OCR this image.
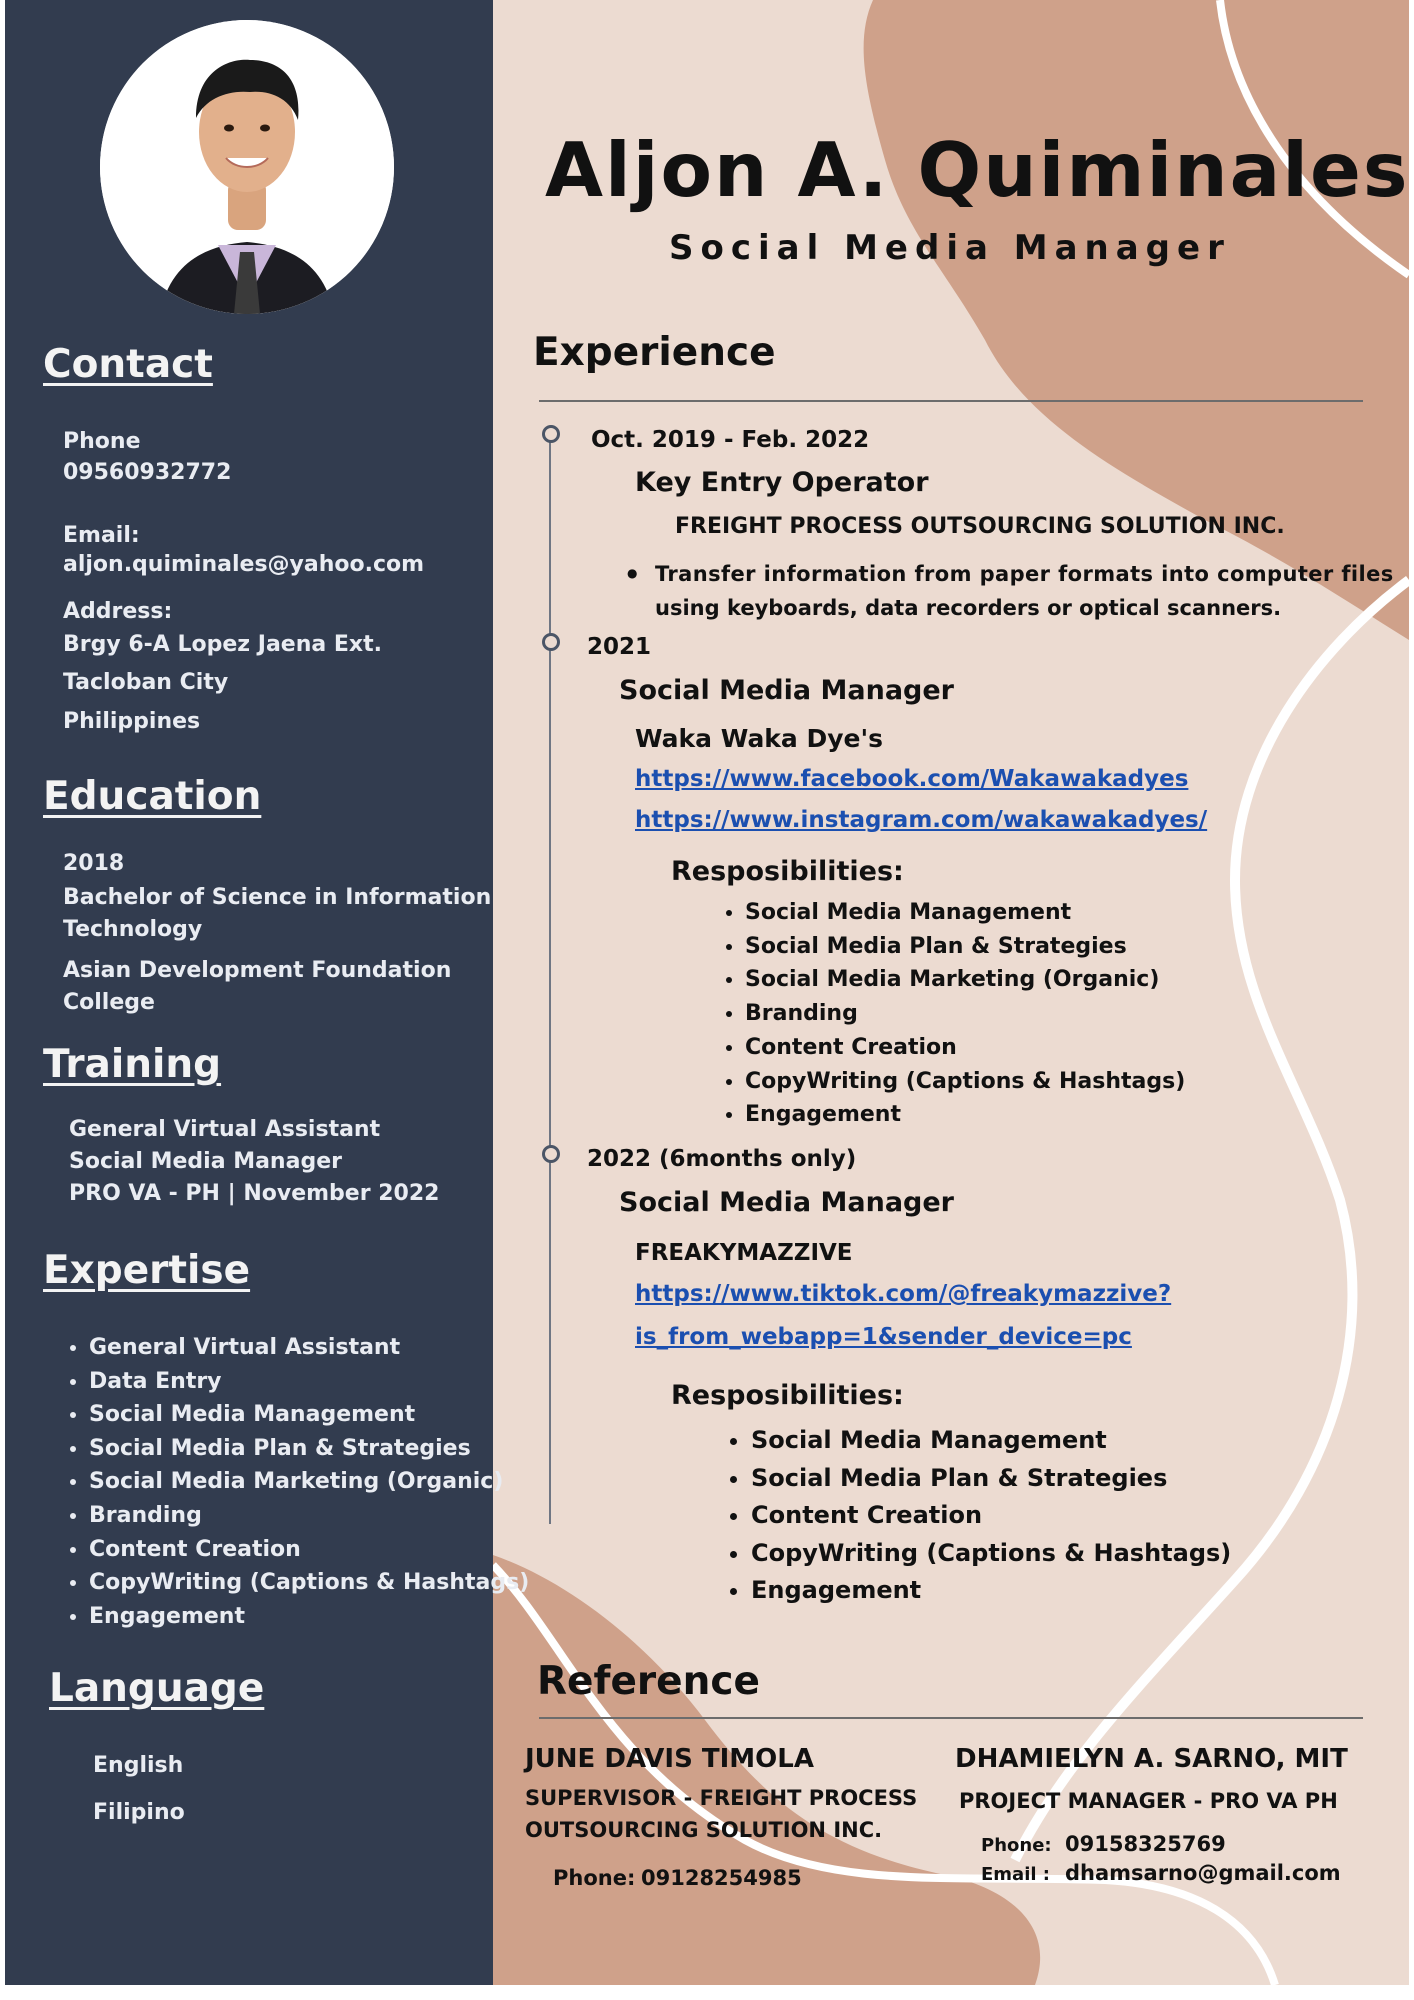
Contact
Phone
09560932772
Email:
aljon.quiminales@yahoo.com
Address:
Brgy 6-A Lopez Jaena Ext.
Tacloban City
Philippines
Education
2018
Bachelor of Science in Information
Technology
Asian Development Foundation
College
Training
General Virtual Assistant
Social Media Manager
PRO VA - PH | November 2022
Expertise
• General Virtual Assistant
• Data Entry
• Social Media Management
• Social Media Plan & Strategies
• Social Media Marketing (Organic)
• Branding
• Content Creation
• CopyWriting (Captions & Hashtags)
• Engagement
Language
English
Filipino
Aljon A. Quiminales
Social Media Manager
Experience
Oct. 2019 - Feb. 2022
Key Entry Operator
FREIGHT PROCESS OUTSOURCING SOLUTION INC.
● Transfer information from paper formats into computer files
using keyboards, data recorders or optical scanners.
2021
Social Media Manager
Waka Waka Dye's
https://www.facebook.com/Wakawakadyes
https://www.instagram.com/wakawakadyes/
Resposibilities:
• Social Media Management
• Social Media Plan & Strategies
• Social Media Marketing (Organic)
• Branding
• Content Creation
• CopyWriting (Captions & Hashtags)
• Engagement
2022 (6months only)
Social Media Manager
FREAKYMAZZIVE
https://www.tiktok.com/@freakymazzive?
is_from_webapp=1&sender_device=pc
Resposibilities:
• Social Media Management
• Social Media Plan & Strategies
• Content Creation
• CopyWriting (Captions & Hashtags)
• Engagement
Reference
JUNE DAVIS TIMOLA
SUPERVISOR - FREIGHT PROCESS
OUTSOURCING SOLUTION INC.
Phone: 09128254985
DHAMIELYN A. SARNO, MIT
PROJECT MANAGER - PRO VA PH
Phone: 09158325769
Email : dhamsarno@gmail.com
